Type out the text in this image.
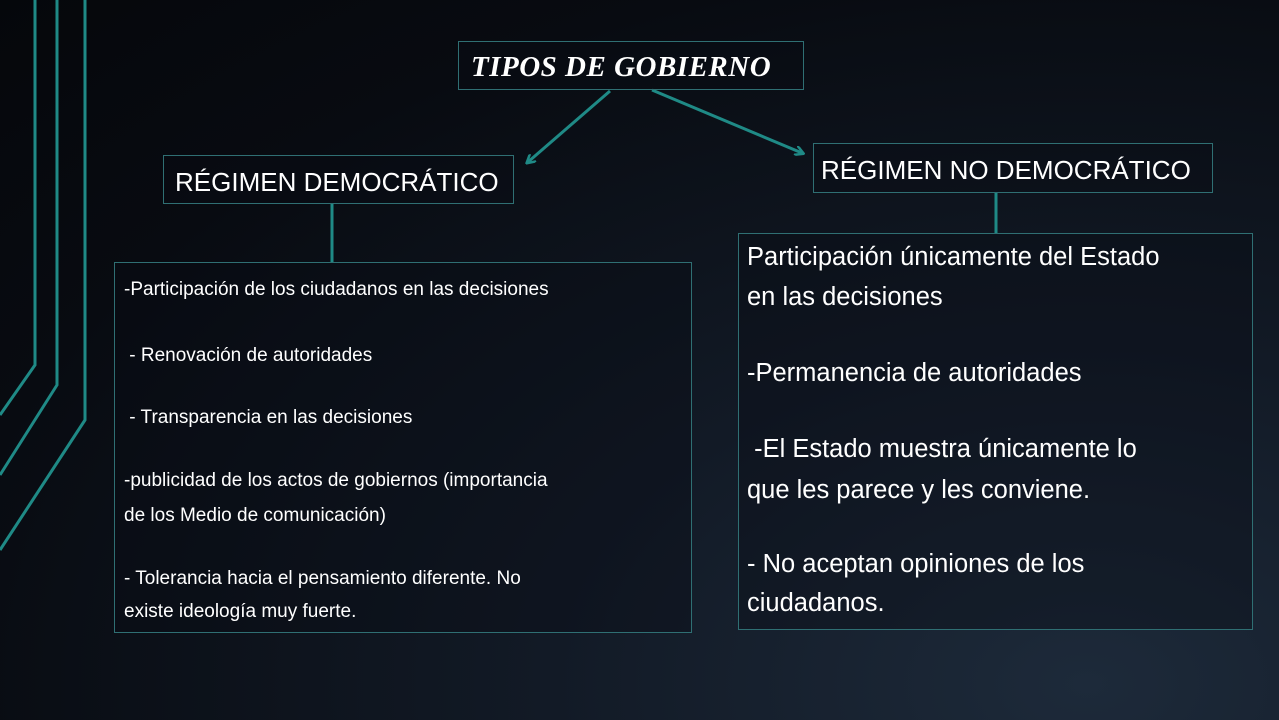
TIPOS DE GOBIERNO
RÉGIMEN DEMOCRÁTICO	RÉGIMEN NO DEMOCRÁTICO
-Participación de los ciudadanos en las decisiones
- Renovación de autoridades
- Transparencia en las decisiones
-publicidad de los actos de gobiernos (importancia
de los Medio de comunicación)
- Tolerancia hacia el pensamiento diferente. No
existe ideología muy fuerte.
Participación únicamente del Estado
en las decisiones
-Permanencia de autoridades
-El Estado muestra únicamente lo
que les parece y les conviene.
- No aceptan opiniones de los
ciudadanos.
